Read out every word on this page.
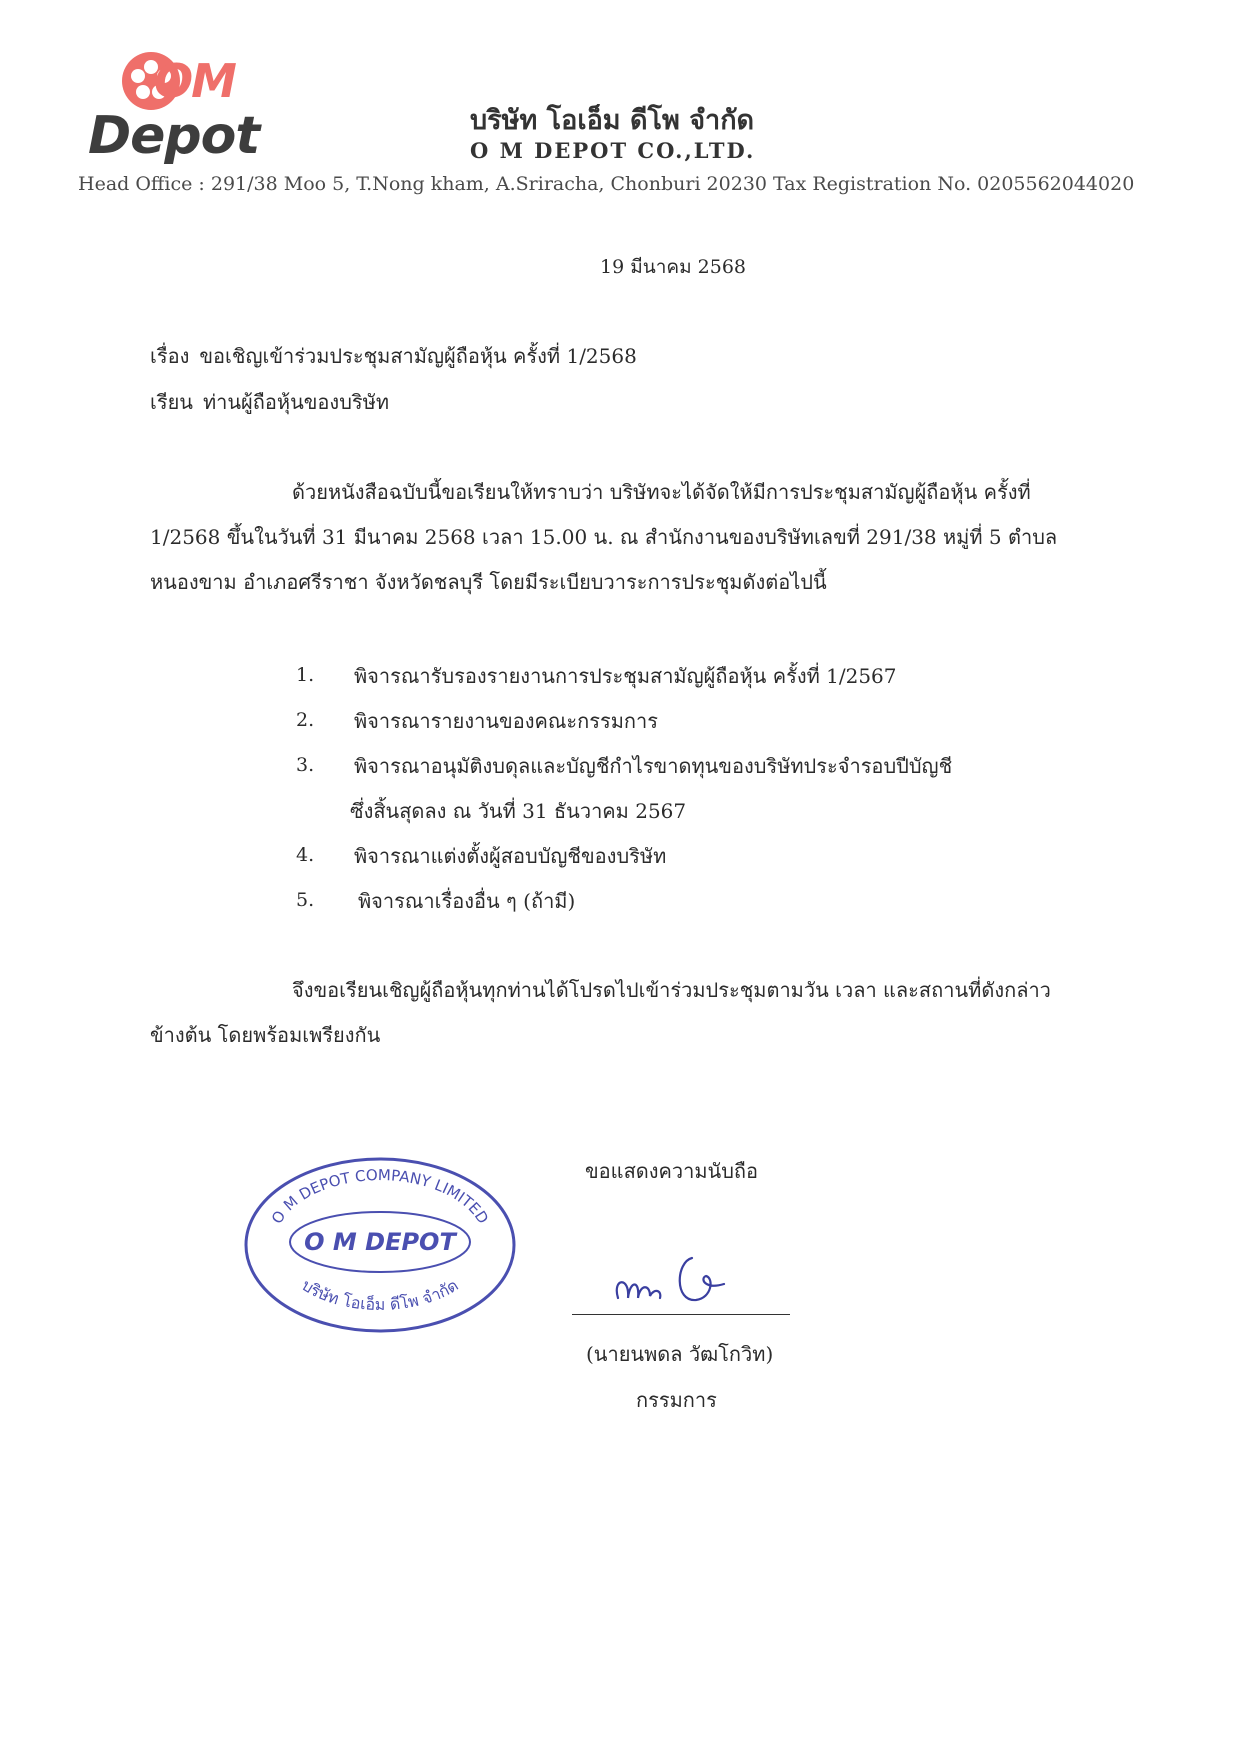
OM
Depot	บริษัท โอเอ็ม ดีโพ จำกัด
O M DEPOT CO.,LTD.
Head Office : 291/38 Moo 5, T.Nong kham, A.Sriracha, Chonburi 20230 Tax Registration No. 0205562044020
19 มีนาคม 2568
เรื่อง ขอเชิญเข้าร่วมประชุมสามัญผู้ถือหุ้น ครั้งที่ 1/2568
เรียน ท่านผู้ถือหุ้นของบริษัท
ด้วยหนังสือฉบับนี้ขอเรียนให้ทราบว่า บริษัทจะได้จัดให้มีการประชุมสามัญผู้ถือหุ้น ครั้งที่
1/2568 ขึ้นในวันที่ 31 มีนาคม 2568 เวลา 15.00 น. ณ สำนักงานของบริษัทเลขที่ 291/38 หมู่ที่ 5 ตำบล
หนองขาม อำเภอศรีราชา จังหวัดชลบุรี โดยมีระเบียบวาระการประชุมดังต่อไปนี้
1. พิจารณารับรองรายงานการประชุมสามัญผู้ถือหุ้น ครั้งที่ 1/2567
2. พิจารณารายงานของคณะกรรมการ
3. พิจารณาอนุมัติงบดุลและบัญชีกำไรขาดทุนของบริษัทประจำรอบปีบัญชี
ซึ่งสิ้นสุดลง ณ วันที่ 31 ธันวาคม 2567
4. พิจารณาแต่งตั้งผู้สอบบัญชีของบริษัท
5. พิจารณาเรื่องอื่น ๆ (ถ้ามี)
จึงขอเรียนเชิญผู้ถือหุ้นทุกท่านได้โปรดไปเข้าร่วมประชุมตามวัน เวลา และสถานที่ดังกล่าว
ข้างต้น โดยพร้อมเพรียงกัน
O M DEPOT COMPANY LIMITED
O M DEPOT
บริษัท โอเอ็ม ดีโพ จำกัด
ขอแสดงความนับถือ
(นายนพดล วัฒโกวิท)
กรรมการ
